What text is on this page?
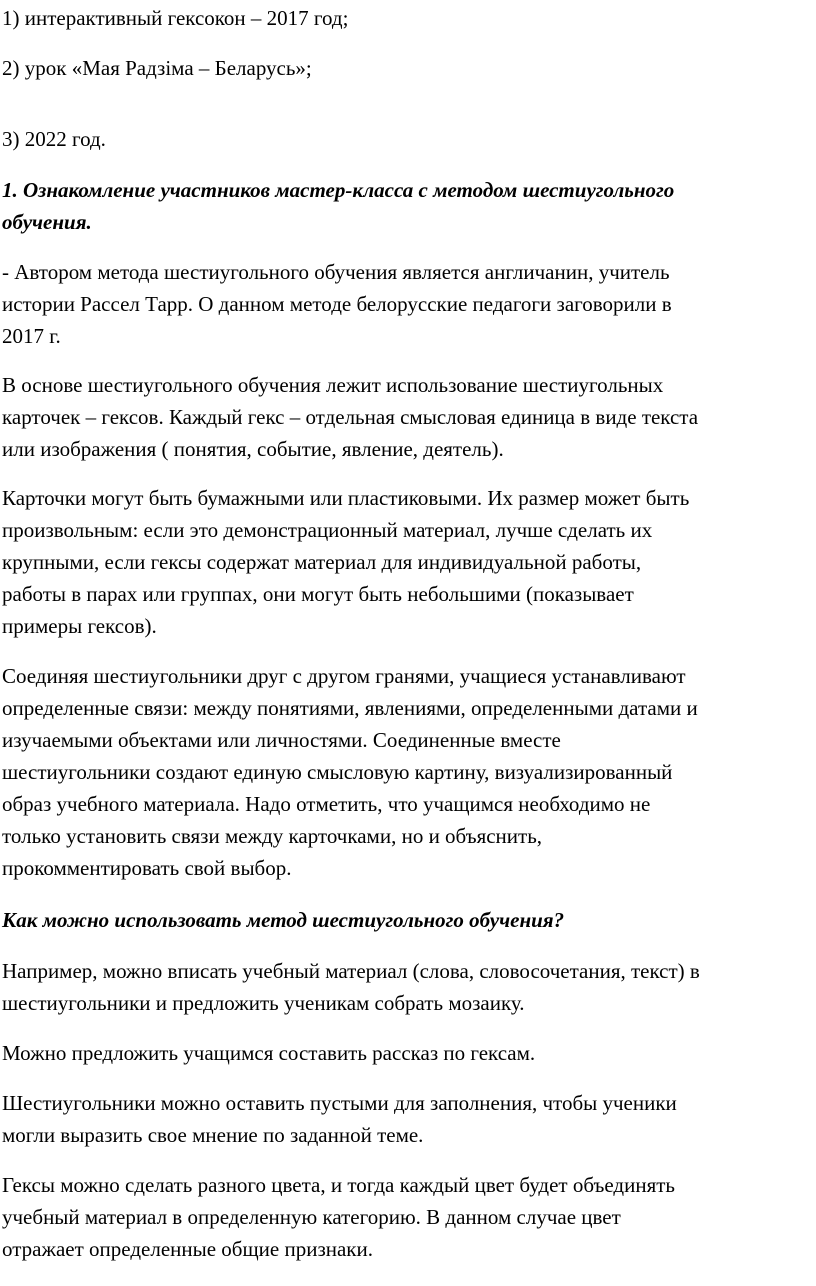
1) интерактивный гексокон – 2017 год;

2) урок «Мая Радзіма – Беларусь»;

3) 2022 год.

1. Ознакомление участников мастер-класса с методом шестиугольного
обучения.

- Автором метода шестиугольного обучения является англичанин, учитель
истории Рассел Тарр. О данном методе белорусские педагоги заговорили в
2017 г.

В основе шестиугольного обучения лежит использование шестиугольных
карточек – гексов. Каждый гекс – отдельная смысловая единица в виде текста
или изображения ( понятия, событие, явление, деятель).

Карточки могут быть бумажными или пластиковыми. Их размер может быть
произвольным: если это демонстрационный материал, лучше сделать их
крупными, если гексы содержат материал для индивидуальной работы,
работы в парах или группах, они могут быть небольшими (показывает
примеры гексов).

Соединяя шестиугольники друг с другом гранями, учащиеся устанавливают
определенные связи: между понятиями, явлениями, определенными датами и
изучаемыми объектами или личностями. Соединенные вместе
шестиугольники создают единую смысловую картину, визуализированный
образ учебного материала. Надо отметить, что учащимся необходимо не
только установить связи между карточками, но и объяснить,
прокомментировать свой выбор.

Как можно использовать метод шестиугольного обучения?

Например, можно вписать учебный материал (слова, словосочетания, текст) в
шестиугольники и предложить ученикам собрать мозаику.

Можно предложить учащимся составить рассказ по гексам.

Шестиугольники можно оставить пустыми для заполнения, чтобы ученики
могли выразить свое мнение по заданной теме.

Гексы можно сделать разного цвета, и тогда каждый цвет будет объединять
учебный материал в определенную категорию. В данном случае цвет
отражает определенные общие признаки.
